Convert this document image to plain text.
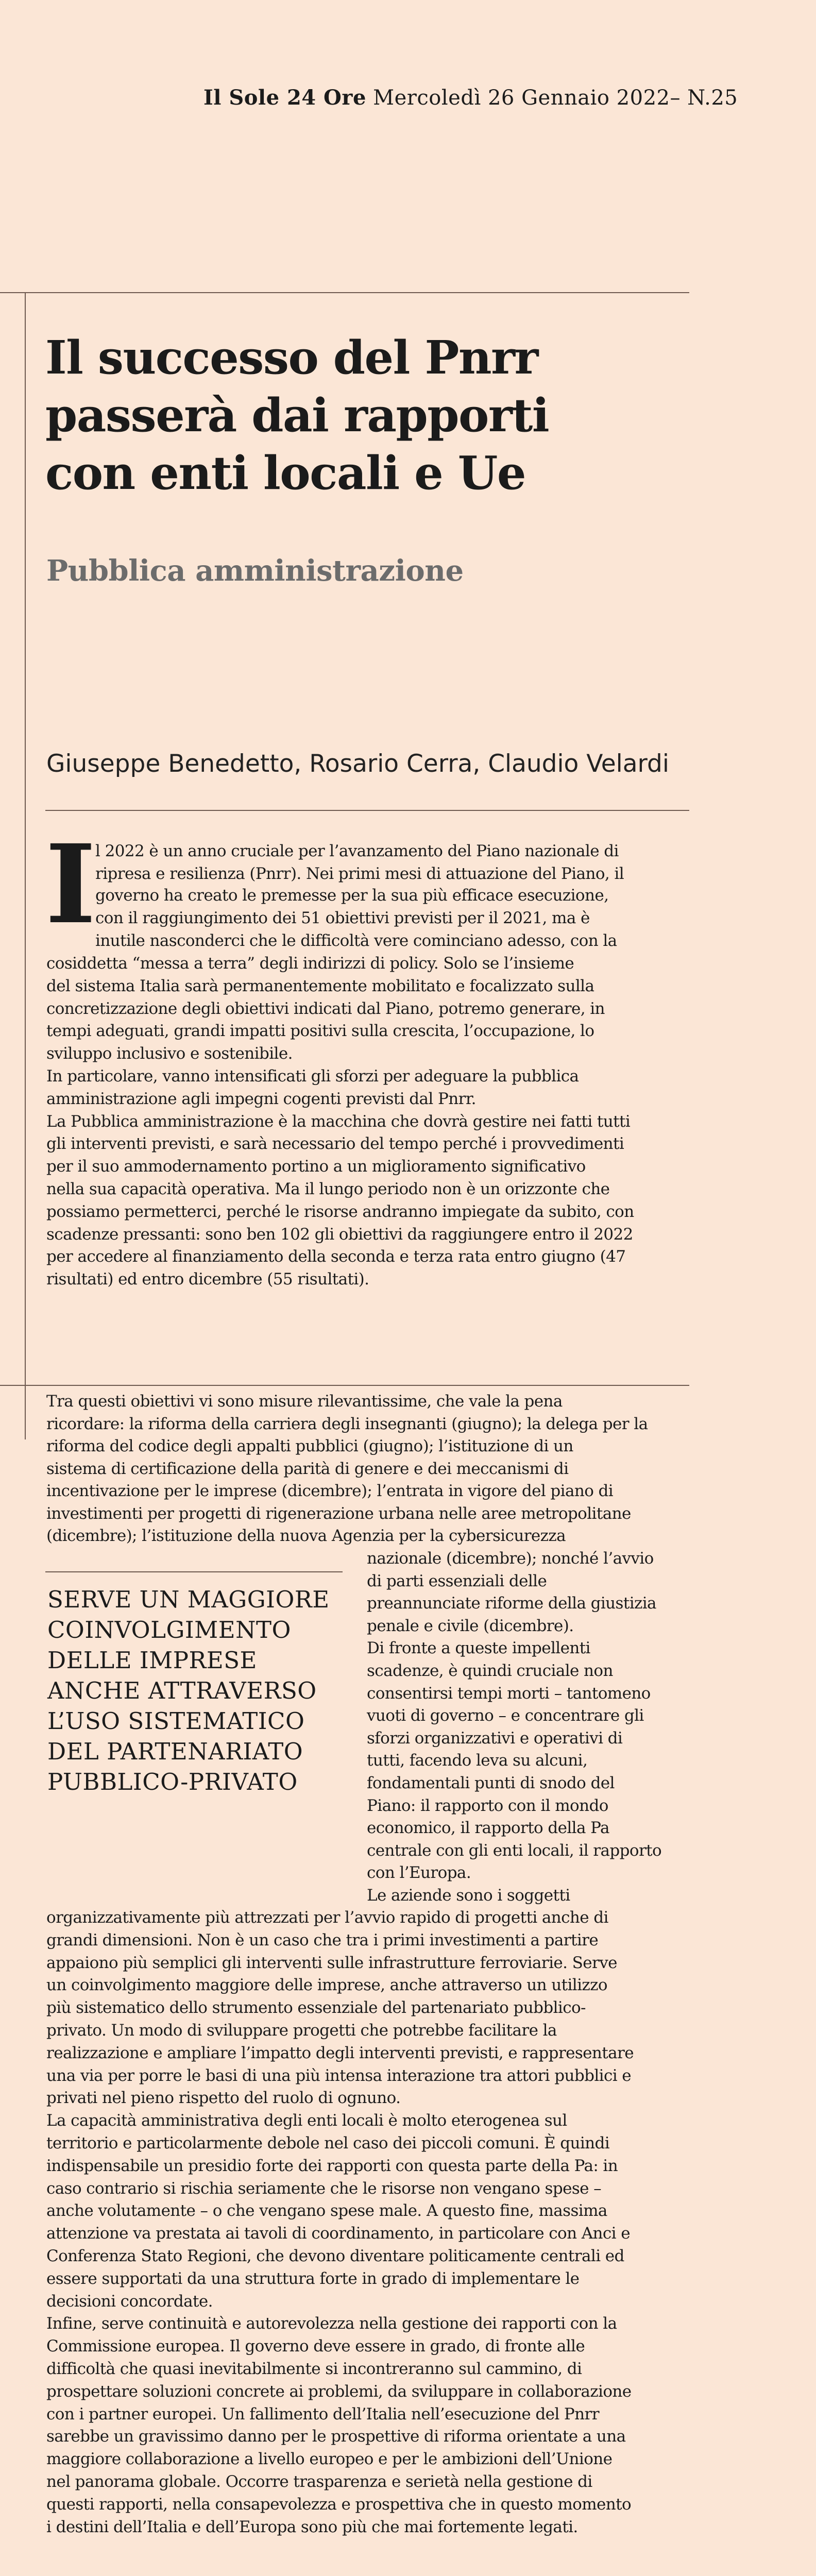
Il Sole 24 Ore Mercoledì 26 Gennaio 2022– N.25
Il successo del Pnrr
passerà dai rapporti
con enti locali e Ue
Pubblica amministrazione
Giuseppe Benedetto, Rosario Cerra, Claudio Velardi
I
SERVE UN MAGGIORE
COINVOLGIMENTO
DELLE IMPRESE
ANCHE ATTRAVERSO
L’USO SISTEMATICO
DEL PARTENARIATO
PUBBLICO-PRIVATO
l 2022 è un anno cruciale per l’avanzamento del Piano nazionale di
ripresa e resilienza (Pnrr). Nei primi mesi di attuazione del Piano, il
governo ha creato le premesse per la sua più efficace esecuzione,
con il raggiungimento dei 51 obiettivi previsti per il 2021, ma è
inutile nasconderci che le difficoltà vere cominciano adesso, con la
cosiddetta “messa a terra” degli indirizzi di policy. Solo se l’insieme
del sistema Italia sarà permanentemente mobilitato e focalizzato sulla
concretizzazione degli obiettivi indicati dal Piano, potremo generare, in
tempi adeguati, grandi impatti positivi sulla crescita, l’occupazione, lo
sviluppo inclusivo e sostenibile.
In particolare, vanno intensificati gli sforzi per adeguare la pubblica
amministrazione agli impegni cogenti previsti dal Pnrr.
La Pubblica amministrazione è la macchina che dovrà gestire nei fatti tutti
gli interventi previsti, e sarà necessario del tempo perché i provvedimenti
per il suo ammodernamento portino a un miglioramento significativo
nella sua capacità operativa. Ma il lungo periodo non è un orizzonte che
possiamo permetterci, perché le risorse andranno impiegate da subito, con
scadenze pressanti: sono ben 102 gli obiettivi da raggiungere entro il 2022
per accedere al finanziamento della seconda e terza rata entro giugno (47
risultati) ed entro dicembre (55 risultati).
Tra questi obiettivi vi sono misure rilevantissime, che vale la pena
ricordare: la riforma della carriera degli insegnanti (giugno); la delega per la
riforma del codice degli appalti pubblici (giugno); l’istituzione di un
sistema di certificazione della parità di genere e dei meccanismi di
incentivazione per le imprese (dicembre); l’entrata in vigore del piano di
investimenti per progetti di rigenerazione urbana nelle aree metropolitane
(dicembre); l’istituzione della nuova Agenzia per la cybersicurezza
nazionale (dicembre); nonché l’avvio
di parti essenziali delle
preannunciate riforme della giustizia
penale e civile (dicembre).
Di fronte a queste impellenti
scadenze, è quindi cruciale non
consentirsi tempi morti – tantomeno
vuoti di governo – e concentrare gli
sforzi organizzativi e operativi di
tutti, facendo leva su alcuni,
fondamentali punti di snodo del
Piano: il rapporto con il mondo
economico, il rapporto della Pa
centrale con gli enti locali, il rapporto
con l’Europa.
Le aziende sono i soggetti
organizzativamente più attrezzati per l’avvio rapido di progetti anche di
grandi dimensioni. Non è un caso che tra i primi investimenti a partire
appaiono più semplici gli interventi sulle infrastrutture ferroviarie. Serve
un coinvolgimento maggiore delle imprese, anche attraverso un utilizzo
più sistematico dello strumento essenziale del partenariato pubblico-
privato. Un modo di sviluppare progetti che potrebbe facilitare la
realizzazione e ampliare l’impatto degli interventi previsti, e rappresentare
una via per porre le basi di una più intensa interazione tra attori pubblici e
privati nel pieno rispetto del ruolo di ognuno.
La capacità amministrativa degli enti locali è molto eterogenea sul
territorio e particolarmente debole nel caso dei piccoli comuni. È quindi
indispensabile un presidio forte dei rapporti con questa parte della Pa: in
caso contrario si rischia seriamente che le risorse non vengano spese –
anche volutamente – o che vengano spese male. A questo fine, massima
attenzione va prestata ai tavoli di coordinamento, in particolare con Anci e
Conferenza Stato Regioni, che devono diventare politicamente centrali ed
essere supportati da una struttura forte in grado di implementare le
decisioni concordate.
Infine, serve continuità e autorevolezza nella gestione dei rapporti con la
Commissione europea. Il governo deve essere in grado, di fronte alle
difficoltà che quasi inevitabilmente si incontreranno sul cammino, di
prospettare soluzioni concrete ai problemi, da sviluppare in collaborazione
con i partner europei. Un fallimento dell’Italia nell’esecuzione del Pnrr
sarebbe un gravissimo danno per le prospettive di riforma orientate a una
maggiore collaborazione a livello europeo e per le ambizioni dell’Unione
nel panorama globale. Occorre trasparenza e serietà nella gestione di
questi rapporti, nella consapevolezza e prospettiva che in questo momento
i destini dell’Italia e dell’Europa sono più che mai fortemente legati.
